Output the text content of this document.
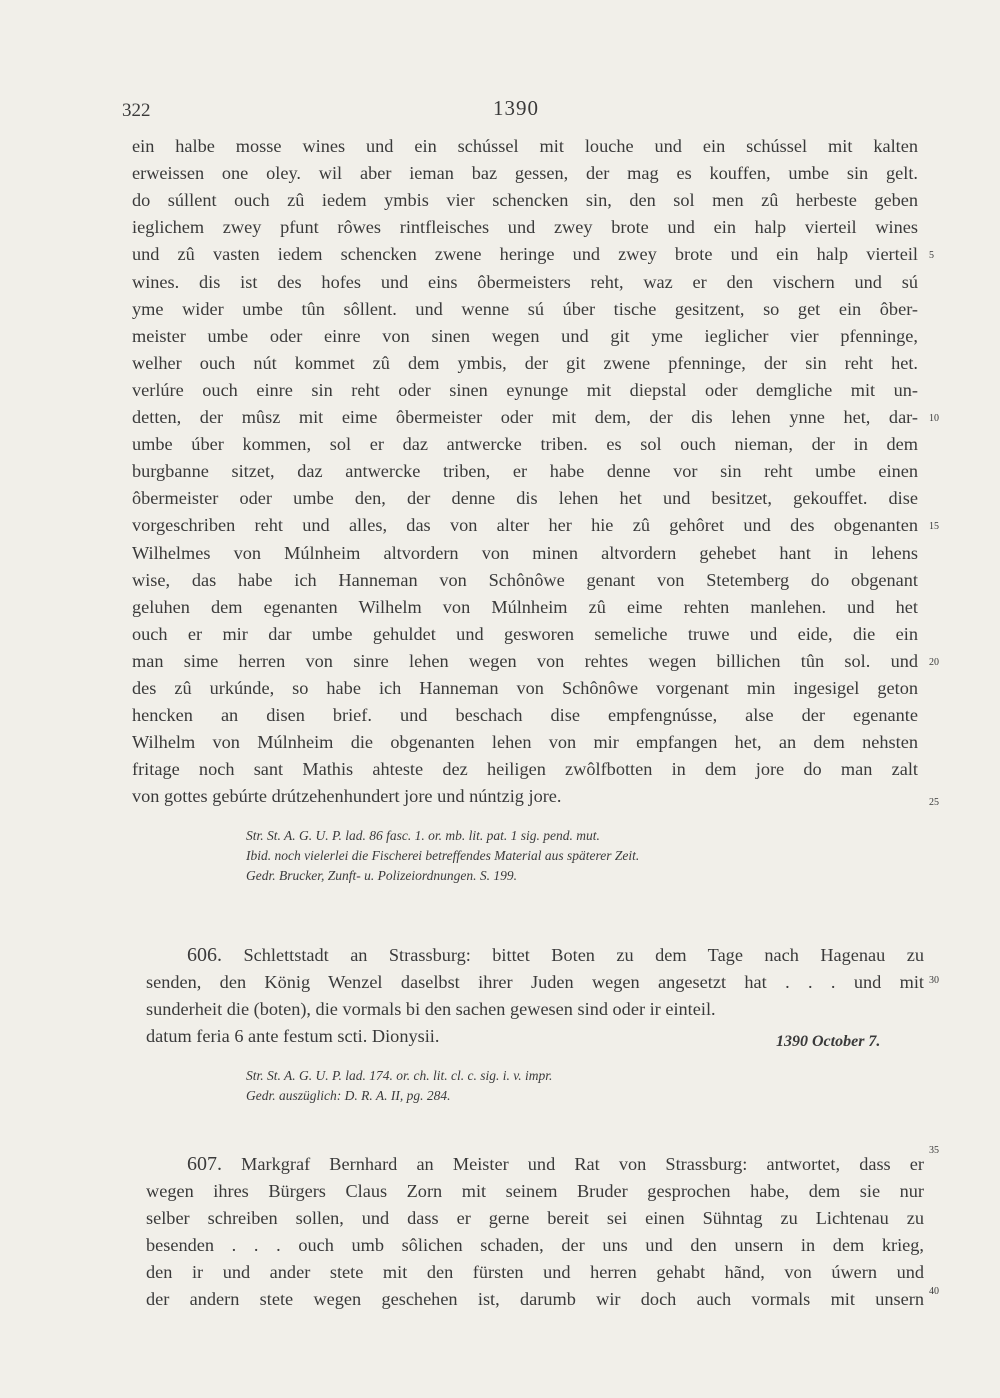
322	1390
ein halbe mosse wines und ein schússel mit louche und ein schússel mit kalten
erweissen one oley. wil aber ieman baz gessen, der mag es kouffen, umbe sin gelt.
do súllent ouch zû iedem ymbis vier schencken sin, den sol men zû herbeste geben
ieglichem zwey pfunt rôwes rintfleisches und zwey brote und ein halp vierteil wines
und zû vasten iedem schencken zwene heringe und zwey brote und ein halp vierteil
wines. dis ist des hofes und eins ôbermeisters reht, waz er den vischern und sú
yme wider umbe tûn sôllent. und wenne sú úber tische gesitzent, so get ein ôber-
meister umbe oder einre von sinen wegen und git yme ieglicher vier pfenninge,
welher ouch nút kommet zû dem ymbis, der git zwene pfenninge, der sin reht het.
verlúre ouch einre sin reht oder sinen eynunge mit diepstal oder demgliche mit un-
detten, der mûsz mit eime ôbermeister oder mit dem, der dis lehen ynne het, dar-
umbe úber kommen, sol er daz antwercke triben. es sol ouch nieman, der in dem
burgbanne sitzet, daz antwercke triben, er habe denne vor sin reht umbe einen
ôbermeister oder umbe den, der denne dis lehen het und besitzet, gekouffet. dise
vorgeschriben reht und alles, das von alter her hie zû gehôret und des obgenanten
Wilhelmes von Múlnheim altvordern von minen altvordern gehebet hant in lehens
wise, das habe ich Hanneman von Schônôwe genant von Stetemberg do obgenant
geluhen dem egenanten Wilhelm von Múlnheim zû eime rehten manlehen. und het
ouch er mir dar umbe gehuldet und gesworen semeliche truwe und eide, die ein
man sime herren von sinre lehen wegen von rehtes wegen billichen tûn sol. und
des zû urkúnde, so habe ich Hanneman von Schônôwe vorgenant min ingesigel geton
hencken an disen brief. und beschach dise empfengnússe, alse der egenante
Wilhelm von Múlnheim die obgenanten lehen von mir empfangen het, an dem nehsten
fritage noch sant Mathis ahteste dez heiligen zwôlfbotten in dem jore do man zalt
von gottes gebúrte drútzehenhundert jore und núntzig jore.
5
10
15
20
25
30
35
40
Str. St. A. G. U. P. lad. 86 fasc. 1. or. mb. lit. pat. 1 sig. pend. mut.
Ibid. noch vielerlei die Fischerei betreffendes Material aus späterer Zeit.
Gedr. Brucker, Zunft- u. Polizeiordnungen. S. 199.
606. Schlettstadt an Strassburg: bittet Boten zu dem Tage nach Hagenau zu
senden, den König Wenzel daselbst ihrer Juden wegen angesetzt hat . . . und mit
sunderheit die (boten), die vormals bi den sachen gewesen sind oder ir einteil.
datum feria 6 ante festum scti. Dionysii.	1390 October 7.
Str. St. A. G. U. P. lad. 174. or. ch. lit. cl. c. sig. i. v. impr.
Gedr. auszüglich: D. R. A. II, pg. 284.
607. Markgraf Bernhard an Meister und Rat von Strassburg: antwortet, dass er
wegen ihres Bürgers Claus Zorn mit seinem Bruder gesprochen habe, dem sie nur
selber schreiben sollen, und dass er gerne bereit sei einen Sühntag zu Lichtenau zu
besenden . . . ouch umb sôlichen schaden, der uns und den unsern in dem krieg,
den ir und ander stete mit den fürsten und herren gehabt hãnd, von úwern und
der andern stete wegen geschehen ist, darumb wir doch auch vormals mit unsern
